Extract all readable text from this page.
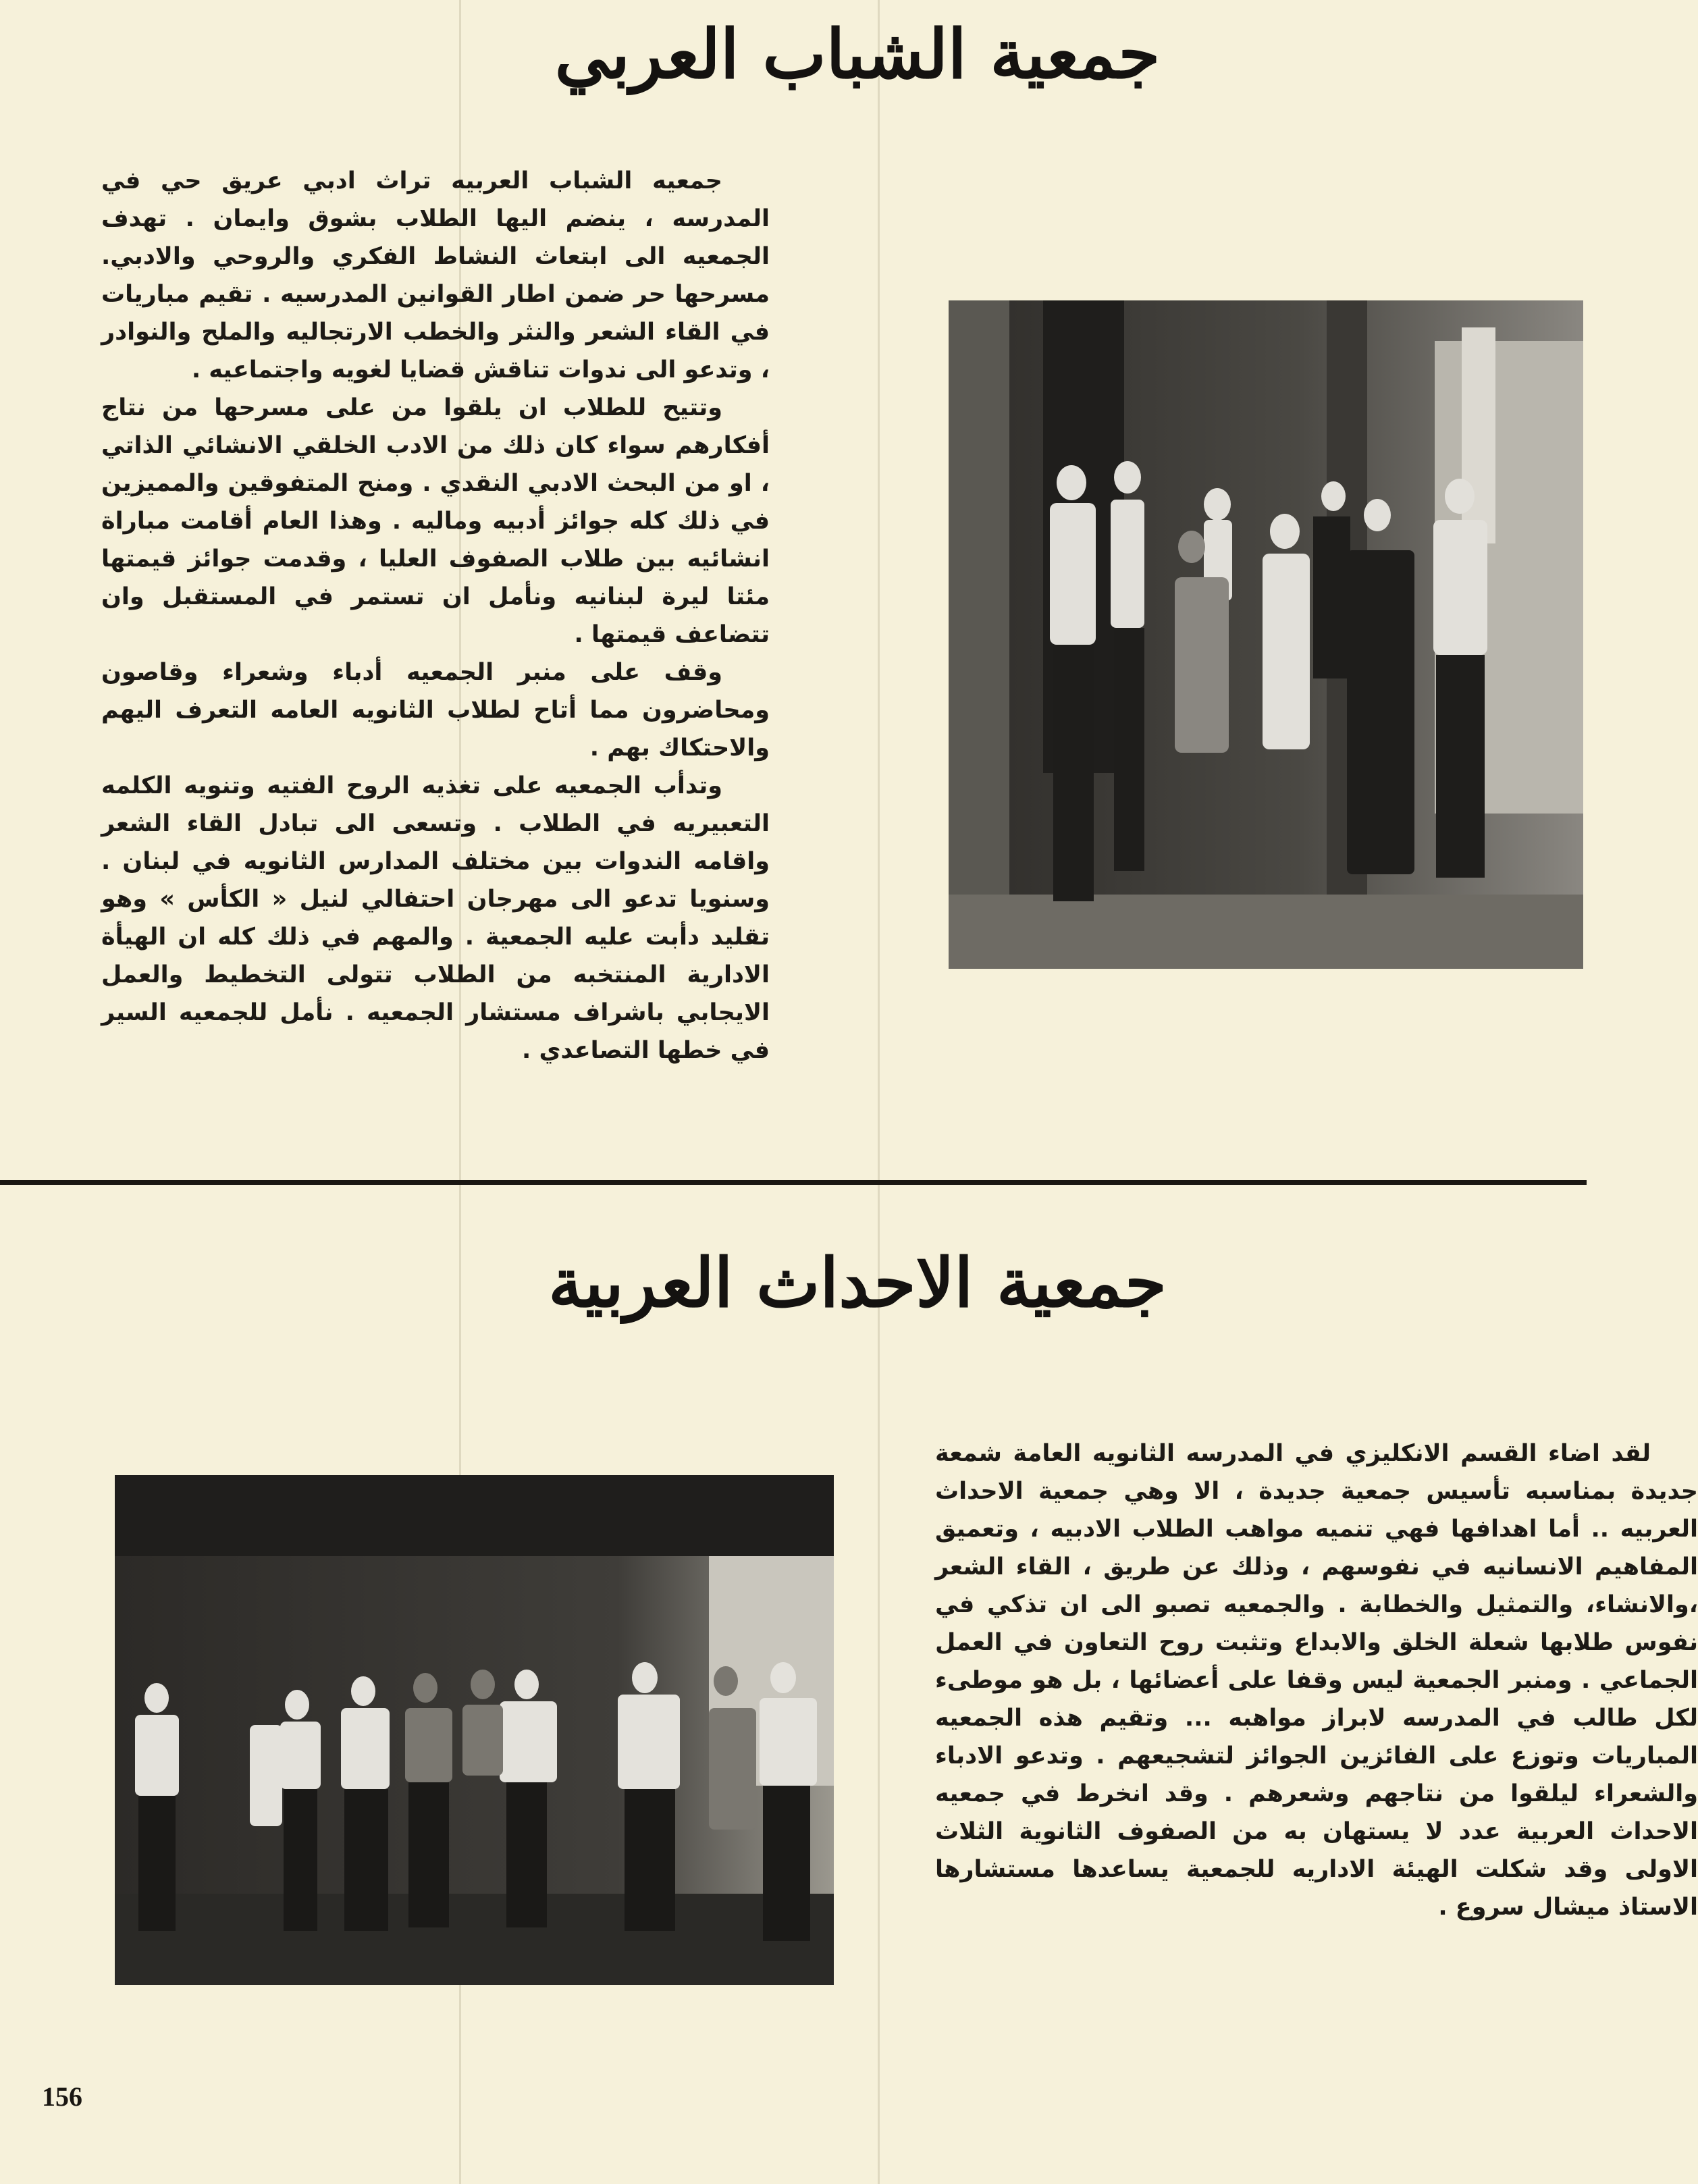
جمعية الشباب العربي

جمعيه الشباب العربيه تراث ادبي عريق حي في المدرسه ، ينضم اليها الطلاب بشوق وايمان . تهدف الجمعيه الى ابتعاث النشاط الفكري والروحي والادبي. مسرحها حر ضمن اطار القوانين المدرسيه . تقيم مباريات في القاء الشعر والنثر والخطب الارتجاليه والملح والنوادر ، وتدعو الى ندوات تناقش قضايا لغويه واجتماعيه .

وتتيح للطلاب ان يلقوا من على مسرحها من نتاج أفكارهم سواء كان ذلك من الادب الخلقي الانشائي الذاتي ، او من البحث الادبي النقدي . ومنح المتفوقين والمميزين في ذلك كله جوائز أدبيه وماليه . وهذا العام أقامت مباراة انشائيه بين طلاب الصفوف العليا ، وقدمت جوائز قيمتها مئتا ليرة لبنانيه ونأمل ان تستمر في المستقبل وان تتضاعف قيمتها .

وقف على منبر الجمعيه أدباء وشعراء وقاصون ومحاضرون مما أتاح لطلاب الثانويه العامه التعرف اليهم والاحتكاك بهم .

وتدأب الجمعيه على تغذيه الروح الفتيه وتنويه الكلمه التعبيريه في الطلاب . وتسعى الى تبادل القاء الشعر واقامه الندوات بين مختلف المدارس الثانويه في لبنان . وسنويا تدعو الى مهرجان احتفالي لنيل « الكأس » وهو تقليد دأبت عليه الجمعية . والمهم في ذلك كله ان الهيأة الادارية المنتخبه من الطلاب تتولى التخطيط والعمل الايجابي باشراف مستشار الجمعيه . نأمل للجمعيه السير في خطها التصاعدي .

جمعية الاحداث العربية

لقد اضاء القسم الانكليزي في المدرسه الثانويه العامة شمعة جديدة بمناسبه تأسيس جمعية جديدة ، الا وهي جمعية الاحداث العربيه .. أما اهدافها فهي تنميه مواهب الطلاب الادبيه ، وتعميق المفاهيم الانسانيه في نفوسهم ، وذلك عن طريق ، القاء الشعر ،والانشاء، والتمثيل والخطابة . والجمعيه تصبو الى ان تذكي في نفوس طلابها شعلة الخلق والابداع وتثبت روح التعاون في العمل الجماعي . ومنبر الجمعية ليس وقفا على أعضائها ، بل هو موطىء لكل طالب في المدرسه لابراز مواهبه ... وتقيم هذه الجمعيه المباريات وتوزع على الفائزين الجوائز لتشجيعهم . وتدعو الادباء والشعراء ليلقوا من نتاجهم وشعرهم . وقد انخرط في جمعيه الاحداث العربية عدد لا يستهان به من الصفوف الثانوية الثلاث الاولى وقد شكلت الهيئة الاداريه للجمعية يساعدها مستشارها الاستاذ ميشال سروع .

156
